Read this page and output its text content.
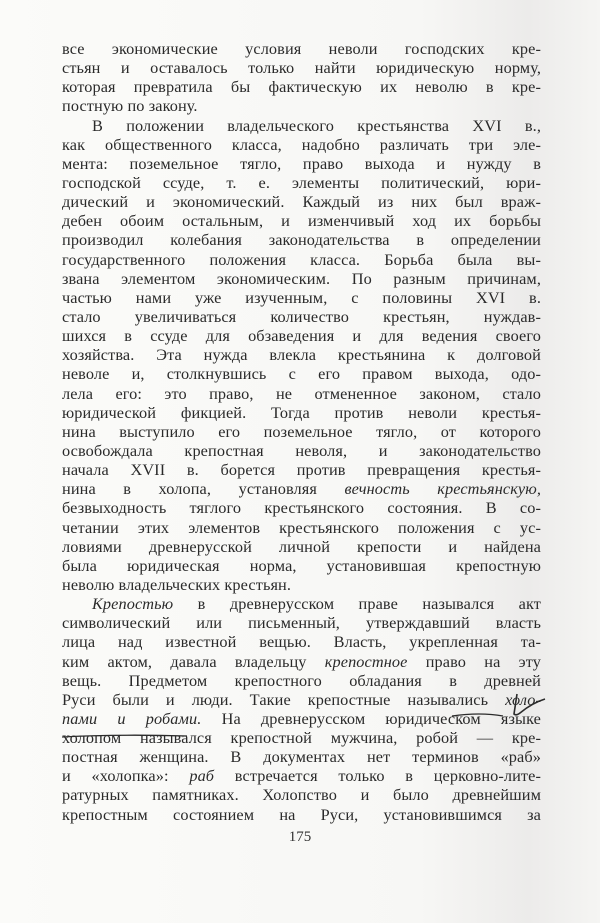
все экономические условия неволи господских кре-
стьян и оставалось только найти юридическую норму,
которая превратила бы фактическую их неволю в кре-
постную по закону.
В положении владельческого крестьянства XVI в.,
как общественного класса, надобно различать три эле-
мента: поземельное тягло, право выхода и нужду в
господской ссуде, т. е. элементы политический, юри-
дический и экономический. Каждый из них был враж-
дебен обоим остальным, и изменчивый ход их борьбы
производил колебания законодательства в определении
государственного положения класса. Борьба была вы-
звана элементом экономическим. По разным причинам,
частью нами уже изученным, с половины XVI в.
стало увеличиваться количество крестьян, нуждав-
шихся в ссуде для обзаведения и для ведения своего
хозяйства. Эта нужда влекла крестьянина к долговой
неволе и, столкнувшись с его правом выхода, одо-
лела его: это право, не отмененное законом, стало
юридической фикцией. Тогда против неволи крестья-
нина выступило его поземельное тягло, от которого
освобождала крепостная неволя, и законодательство
начала XVII в. борется против превращения крестья-
нина в холопа, установляя вечность крестьянскую,
безвыходность тяглого крестьянского состояния. В со-
четании этих элементов крестьянского положения с ус-
ловиями древнерусской личной крепости и найдена
была юридическая норма, установившая крепостную
неволю владельческих крестьян.
Крепостью в древнерусском праве назывался акт
символический или письменный, утверждавший власть
лица над известной вещью. Власть, укрепленная та-
ким актом, давала владельцу крепостное право на эту
вещь. Предметом крепостного обладания в древней
Руси были и люди. Такие крепостные назывались холо-
пами и робами. На древнерусском юридическом языке
холопом назывался крепостной мужчина, робой — кре-
постная женщина. В документах нет терминов «раб»
и «холопка»: раб встречается только в церковно-лите-
ратурных памятниках. Холопство и было древнейшим
крепостным состоянием на Руси, установившимся за
175
